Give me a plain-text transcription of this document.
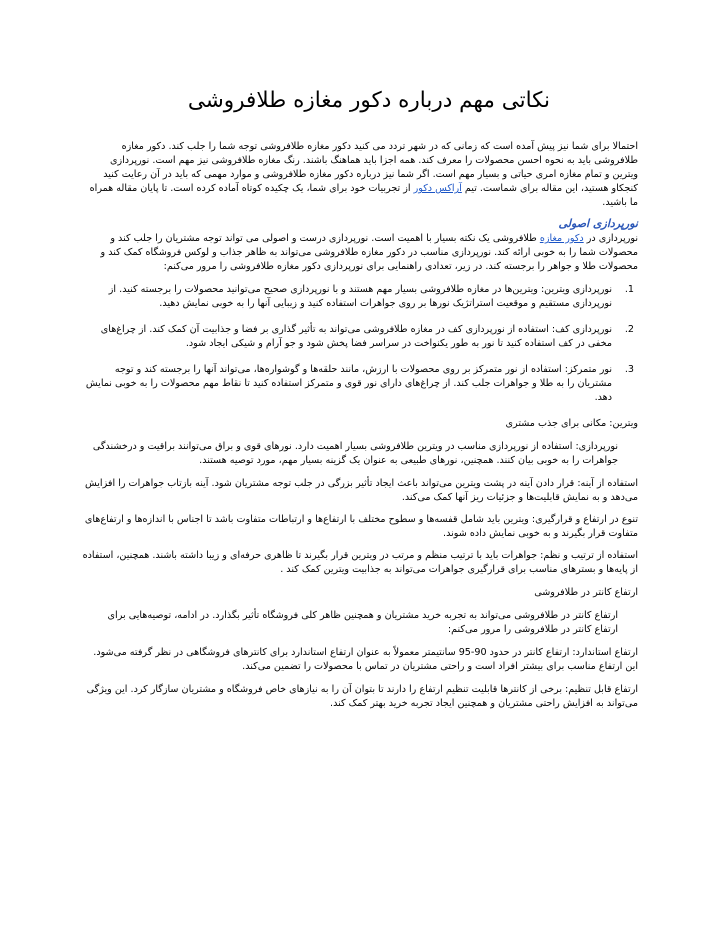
نکاتی مهم درباره دکور مغازه طلافروشی

احتمالا برای شما نیز پیش آمده است که زمانی که در شهر تردد می کنید دکور مغازه طلافروشی توجه شما را جلب کند. دکور مغازه طلافروشی باید به نحوه احسن محصولات را معرف کند. همه اجزا باید هماهنگ باشند. رنگ مغازه طلافروشی نیز مهم است. نورپردازی ویترین و تمام مغازه امری حیاتی و بسیار مهم است. اگر شما نیز درباره دکور مغازه طلافروشی و موارد مهمی که باید در آن رعایت کنید کنجکاو هستید، این مقاله برای شماست. تیم آراکس دکور از تجربیات خود برای شما، یک چکیده کوتاه آماده کرده است. تا پایان مقاله همراه ما باشید.

نورپردازی اصولی

نورپردازی در دکور مغازه طلافروشی یک نکته بسیار با اهمیت است. نورپردازی درست و اصولی می تواند توجه مشتریان را جلب کند و محصولات شما را به خوبی ارائه کند. نورپردازی مناسب در دکور مغازه طلافروشی می‌تواند به ظاهر جذاب و لوکس فروشگاه کمک کند و محصولات طلا و جواهر را برجسته کند. در زیر، تعدادی راهنمایی برای نورپردازی دکور مغازه طلافروشی را مرور می‌کنم:

1.
نورپردازی ویترین: ویترین‌ها در مغازه طلافروشی بسیار مهم هستند و با نورپردازی صحیح می‌توانید محصولات را برجسته کنید. از نورپردازی مستقیم و موقعیت استراتژیک نورها بر روی جواهرات استفاده کنید و زیبایی آنها را به خوبی نمایش دهید.
2.
نورپردازی کف: استفاده از نورپردازی کف در مغازه طلافروشی می‌تواند به تأثیر گذاری بر فضا و جذابیت آن کمک کند. از چراغ‌های مخفی در کف استفاده کنید تا نور به طور یکنواخت در سراسر فضا پخش شود و جو آرام و شیکی ایجاد شود.
3.
نور متمرکز: استفاده از نور متمرکز بر روی محصولات با ارزش، مانند حلقه‌ها و گوشواره‌ها، می‌تواند آنها را برجسته کند و توجه مشتریان را به طلا و جواهرات جلب کند. از چراغ‌های دارای نور قوی و متمرکز استفاده کنید تا نقاط مهم محصولات را به خوبی نمایش دهد.

ویترین: مکانی برای جذب مشتری

نورپردازی: استفاده از نورپردازی مناسب در ویترین طلافروشی بسیار اهمیت دارد. نورهای قوی و براق می‌توانند براقیت و درخشندگی جواهرات را به خوبی بیان کنند. همچنین، نورهای طبیعی به عنوان یک گزینه بسیار مهم، مورد توصیه هستند.

استفاده از آینه: قرار دادن آینه در پشت ویترین می‌تواند باعث ایجاد تأثیر بزرگی در جلب توجه مشتریان شود. آینه بازتاب جواهرات را افزایش می‌دهد و به نمایش قابلیت‌ها و جزئیات ریز آنها کمک می‌کند.

تنوع در ارتفاع و قرارگیری: ویترین باید شامل قفسه‌ها و سطوح مختلف با ارتفاع‌ها و ارتباطات متفاوت باشد تا اجناس با اندازه‌ها و ارتفاع‌های متفاوت قرار بگیرند و به خوبی نمایش داده شوند.

استفاده از ترتیب و نظم: جواهرات باید با ترتیب منظم و مرتب در ویترین قرار بگیرند تا ظاهری حرفه‌ای و زیبا داشته باشند. همچنین، استفاده از پایه‌ها و بسترهای مناسب برای قرارگیری جواهرات می‌تواند به جذابیت ویترین کمک کند .

ارتفاع کانتر در طلافروشی

ارتفاع کانتر در طلافروشی می‌تواند به تجربه خرید مشتریان و همچنین ظاهر کلی فروشگاه تأثیر بگذارد. در ادامه، توصیه‌هایی برای ارتفاع کانتر در طلافروشی را مرور می‌کنم:

ارتفاع استاندارد: ارتفاع کانتر در حدود 90-95 سانتیمتر معمولاً به عنوان ارتفاع استاندارد برای کانترهای فروشگاهی در نظر گرفته می‌شود. این ارتفاع مناسب برای بیشتر افراد است و راحتی مشتریان در تماس با محصولات را تضمین می‌کند.

ارتفاع قابل تنظیم: برخی از کانترها قابلیت تنظیم ارتفاع را دارند تا بتوان آن را به نیازهای خاص فروشگاه و مشتریان سازگار کرد. این ویژگی می‌تواند به افزایش راحتی مشتریان و همچنین ایجاد تجربه خرید بهتر کمک کند.
